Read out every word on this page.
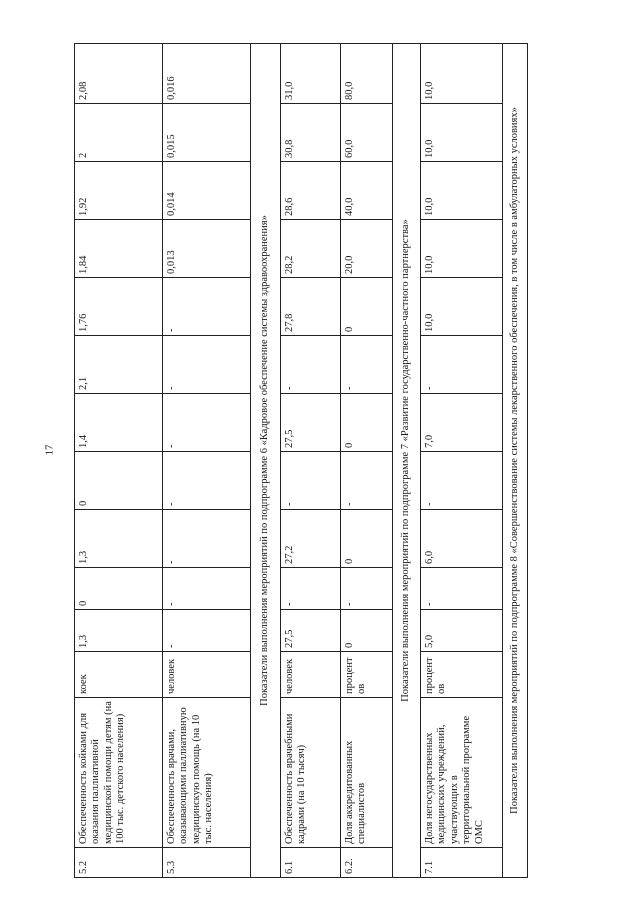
17
5.2	Обеспеченность койками для оказания паллиативной медицинской помощи детям (на 100 тыс. детского населения)	коек	1,3	0	1,3	0	1,4	2,1	1,76	1,84	1,92	2	2,08
5.3	Обеспеченность врачами, оказывающими паллиативную медицинскую помощь (на 10 тыс. населения)	человек	-	-	-	-	-	-	-	0,013	0,014	0,015	0,016
Показатели выполнения мероприятий по подпрограмме 6 «Кадровое обеспечение системы здравоохранения»													
6.1	Обеспеченность врачебными кадрами (на 10 тысяч)	человек	27,5	-	27,2	-	27,5	-	27,8	28,2	28,6	30,8	31,0
6.2.	Доля аккредитованных специалистов	процентов	0	-	0	-	0	-	0	20,0	40,0	60,0	80,0
Показатели выполнения мероприятий по подпрограмме 7 «Развитие государственно-частного партнерства»													
7.1	Доля негосударственных медицинских учреждений, участвующих в территориальной программе ОМС	процентов	5,0	-	6,0	-	7,0	-	10,0	10,0	10,0	10,0	10,0
Показатели выполнения мероприятий по подпрограмме 8 «Совершенствование системы лекарственного обеспечения, в том числе в амбулаторных условиях»													
